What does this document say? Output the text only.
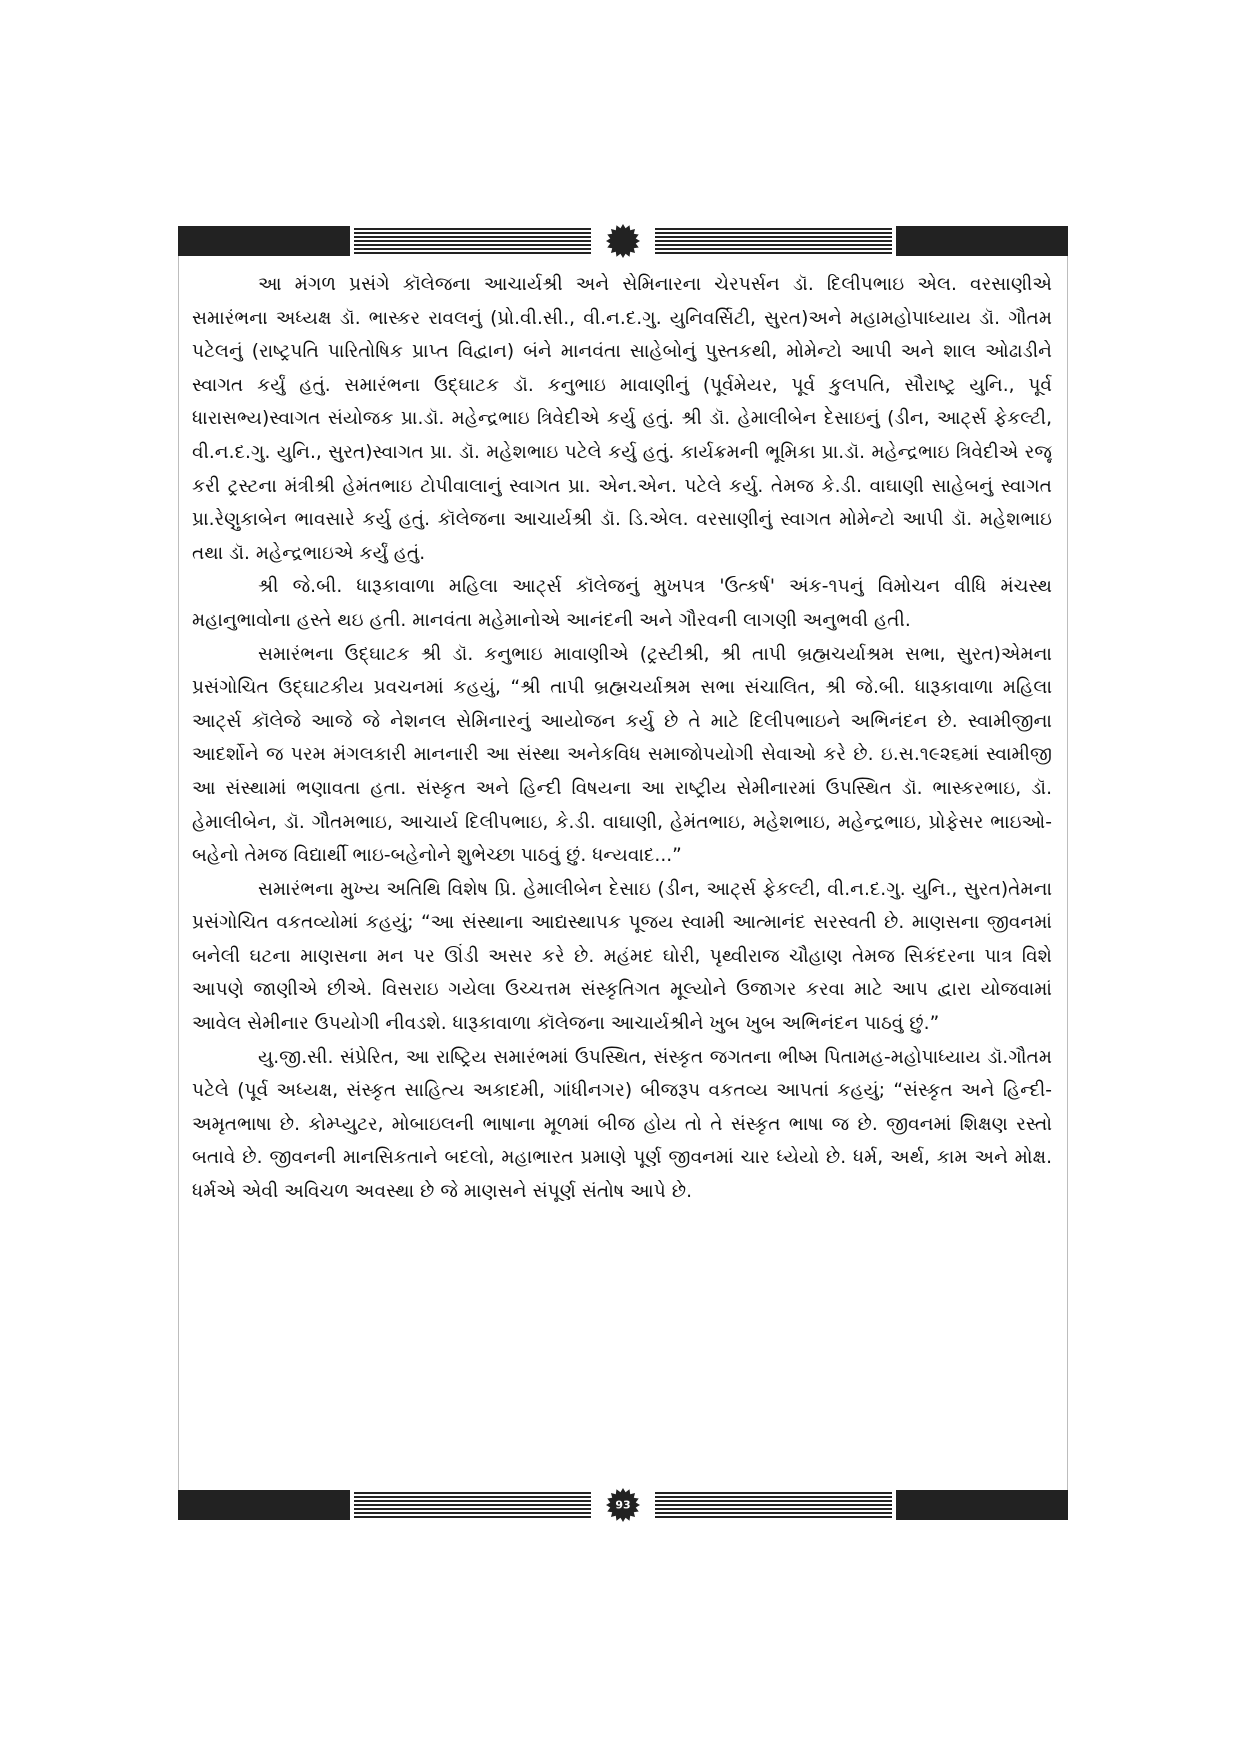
આ મંગળ પ્રસંગે કૉલેજના આચાર્યશ્રી અને સેમિનારના ચેરપર્સન ડૉ. દિલીપભાઇ એલ. વરસાણીએ સમારંભના અધ્યક્ષ ડૉ. ભાસ્કર રાવલનું (પ્રો.વી.સી., વી.ન.દ.ગુ. યુનિવર્સિટી, સુરત)અને મહામહોપાધ્યાય ડૉ. ગૌતમ પટેલનું (રાષ્ટ્રપતિ પારિતોષિક પ્રાપ્ત વિદ્વાન) બંને માનવંતા સાહેબોનું પુસ્તકથી, મોમેન્ટો આપી અને શાલ ઓઢાડીને સ્વાગત કર્યું હતું. સમારંભના ઉદ્ઘાટક ડૉ. કનુભાઇ માવાણીનું (પૂર્વમેયર, પૂર્વ કુલપતિ, સૌરાષ્ટ્ર યુનિ., પૂર્વ ધારાસભ્ય)સ્વાગત સંયોજક પ્રા.ડૉ. મહેન્દ્રભાઇ ત્રિવેદીએ કર્યુ હતું. શ્રી ડૉ. હેમાલીબેન દેસાઇનું (ડીન, આર્ટ્સ ફેકલ્ટી, વી.ન.દ.ગુ. યુનિ., સુરત)સ્વાગત પ્રા. ડૉ. મહેશભાઇ પટેલે કર્યુ હતું. કાર્યક્રમની ભૂમિકા પ્રા.ડૉ. મહેન્દ્રભાઇ ત્રિવેદીએ રજૂ કરી ટ્રસ્ટના મંત્રીશ્રી હેમંતભાઇ ટોપીવાલાનું સ્વાગત પ્રા. એન.એન. પટેલે કર્યુ. તેમજ કે.ડી. વાઘાણી સાહેબનું સ્વાગત પ્રા.રેણુકાબેન ભાવસારે કર્યુ હતું. કૉલેજના આચાર્યશ્રી ડૉ. ડિ.એલ. વરસાણીનું સ્વાગત મોમેન્ટો આપી ડૉ. મહેશભાઇ તથા ડૉ. મહેન્દ્રભાઇએ કર્યું હતું.

શ્રી જે.બી. ધારૂકાવાળા મહિલા આર્ટ્સ કૉલેજનું મુખપત્ર 'ઉત્કર્ષ' અંક-૧૫નું વિમોચન વીધિ મંચસ્થ મહાનુભાવોના હસ્તે થઇ હતી. માનવંતા મહેમાનોએ આનંદની અને ગૌરવની લાગણી અનુભવી હતી.

સમારંભના ઉદ્ઘાટક શ્રી ડૉ. કનુભાઇ માવાણીએ (ટ્રસ્ટીશ્રી, શ્રી તાપી બ્રહ્મચર્યાશ્રમ સભા, સુરત)એમના પ્રસંગોચિત ઉદ્ઘાટકીય પ્રવચનમાં કહયું, “શ્રી તાપી બ્રહ્મચર્યાશ્રમ સભા સંચાલિત, શ્રી જે.બી. ધારૂકાવાળા મહિલા આર્ટ્સ કૉલેજે આજે જે નેશનલ સેમિનારનું આયોજન કર્યુ છે તે માટે દિલીપભાઇને અભિનંદન છે. સ્વામીજીના આદર્શોને જ પરમ મંગલકારી માનનારી આ સંસ્થા અનેકવિધ સમાજોપયોગી સેવાઓ કરે છે. ઇ.સ.૧૯૨૬માં સ્વામીજી આ સંસ્થામાં ભણાવતા હતા. સંસ્કૃત અને હિન્દી વિષયના આ રાષ્ટ્રીય સેમીનારમાં ઉપસ્થિત ડૉ. ભાસ્કરભાઇ, ડૉ. હેમાલીબેન, ડૉ. ગૌતમભાઇ, આચાર્ય દિલીપભાઇ, કે.ડી. વાઘાણી, હેમંતભાઇ, મહેશભાઇ, મહેન્દ્રભાઇ, પ્રોફેસર ભાઇઓ-બહેનો તેમજ વિદ્યાર્થી ભાઇ-બહેનોને શુભેચ્છા પાઠવું છું. ધન્યવાદ...”

સમારંભના મુખ્ય અતિથિ વિશેષ પ્રિ. હેમાલીબેન દેસાઇ (ડીન, આર્ટ્સ ફેકલ્ટી, વી.ન.દ.ગુ. યુનિ., સુરત)તેમના પ્રસંગોચિત વકતવ્યોમાં કહયું; “આ સંસ્થાના આદ્યસ્થાપક પૂજય સ્વામી આત્માનંદ સરસ્વતી છે. માણસના જીવનમાં બનેલી ઘટના માણસના મન પર ઊંડી અસર કરે છે. મહંમદ ઘોરી, પૃથ્વીરાજ ચૌહાણ તેમજ સિકંદરના પાત્ર વિશે આપણે જાણીએ છીએ. વિસરાઇ ગયેલા ઉચ્ચત્તમ સંસ્કૃતિગત મૂલ્યોને ઉજાગર કરવા માટે આપ દ્વારા યોજવામાં આવેલ સેમીનાર ઉપયોગી નીવડશે. ધારૂકાવાળા કૉલેજના આચાર્યશ્રીને ખુબ ખુબ અભિનંદન પાઠવું છું.”

યુ.જી.સી. સંપ્રેરિત, આ રાષ્ટ્રિય સમારંભમાં ઉપસ્થિત, સંસ્કૃત જગતના ભીષ્મ પિતામહ-મહોપાધ્યાય ડૉ.ગૌતમ પટેલે (પૂર્વ અધ્યક્ષ, સંસ્કૃત સાહિત્ય અકાદમી, ગાંધીનગર) બીજરૂપ વકતવ્ય આપતાં કહયું; “સંસ્કૃત અને હિન્દી-અમૃતભાષા છે. કોમ્પ્યુટર, મોબાઇલની ભાષાના મૂળમાં બીજ હોય તો તે સંસ્કૃત ભાષા જ છે. જીવનમાં શિક્ષણ રસ્તો બતાવે છે. જીવનની માનસિકતાને બદલો, મહાભારત પ્રમાણે પૂર્ણ જીવનમાં ચાર ધ્યેયો છે. ધર્મ, અર્થ, કામ અને મોક્ષ. ધર્મએ એવી અવિચળ અવસ્થા છે જે માણસને સંપૂર્ણ સંતોષ આપે છે.

93
